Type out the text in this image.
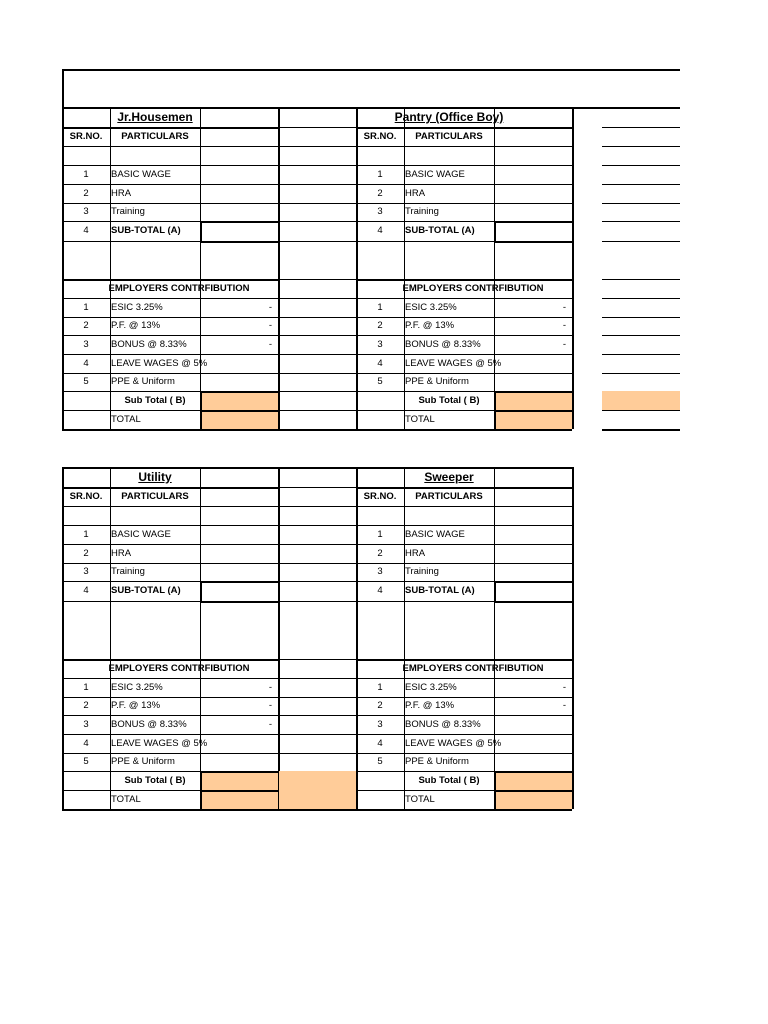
Jr.Housemen
SR.NO.	PARTICULARS
1	BASIC WAGE
2	HRA
3	Training
4	SUB-TOTAL (A)
EMPLOYERS CONTRFIBUTION
1	ESIC 3.25%	-
2	P.F. @ 13%	-
3	BONUS @ 8.33%	-
4	LEAVE WAGES @ 5%
5	PPE & Uniform
Sub Total ( B)
TOTAL
Pantry (Office Boy)
SR.NO.	PARTICULARS
1	BASIC WAGE
2	HRA
3	Training
4	SUB-TOTAL (A)
EMPLOYERS CONTRFIBUTION
1	ESIC 3.25%	-
2	P.F. @ 13%	-
3	BONUS @ 8.33%	-
4	LEAVE WAGES @ 5%
5	PPE & Uniform
Sub Total ( B)
TOTAL
Utility
SR.NO.	PARTICULARS
1	BASIC WAGE
2	HRA
3	Training
4	SUB-TOTAL (A)
EMPLOYERS CONTRFIBUTION
1	ESIC 3.25%	-
2	P.F. @ 13%	-
3	BONUS @ 8.33%	-
4	LEAVE WAGES @ 5%
5	PPE & Uniform
Sub Total ( B)
TOTAL
Sweeper
SR.NO.	PARTICULARS
1	BASIC WAGE
2	HRA
3	Training
4	SUB-TOTAL (A)
EMPLOYERS CONTRFIBUTION
1	ESIC 3.25%	-
2	P.F. @ 13%	-
3	BONUS @ 8.33%
4	LEAVE WAGES @ 5%
5	PPE & Uniform
Sub Total ( B)
TOTAL
